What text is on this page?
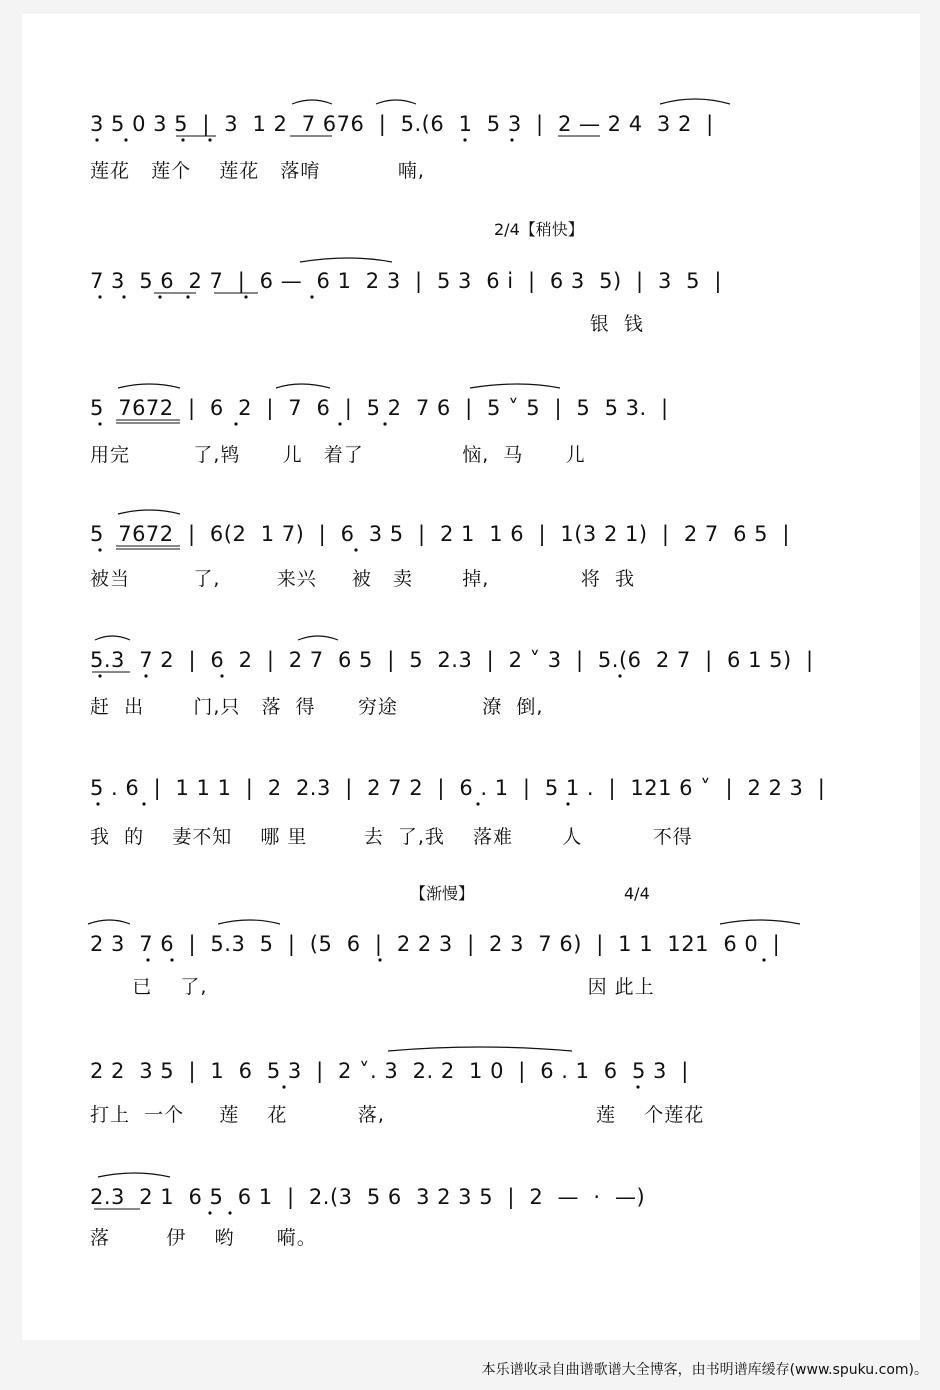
3 5 0 3 5  |  3  1 2  7 676  |  5.(6  1  5 3  |  2 — 2 4  3 2  |
莲花   莲个    莲花   落唷           喃,
2/4【稍快】
7 3  5 6  2 7  |  6 —  6 1  2 3  |  5 3  6 i  |  6 3  5)  |  3  5  |
银  钱
5  7672  |  6  2  |  7  6  |  5 2  7 6  |  5 ˅ 5  |  5  5 3.  |
用完         了,鸨      儿   着了              恼,  马      儿
5  7672  |  6(2  1 7)  |  6  3 5  |  2 1  1 6  |  1(3 2 1)  |  2 7  6 5  |
被当         了,        来兴     被   卖       掉,             将  我
5.3  7 2  |  6  2  |  2 7  6 5  |  5  2.3  |  2 ˅ 3  |  5.(6  2 7  |  6 1 5)  |
赶  出       门,只   落  得      穷途            潦  倒,
5 . 6  |  1 1 1  |  2  2.3  |  2 7 2  |  6 . 1  |  5 1 .  |  121 6 ˅  |  2 2 3  |
我  的    妻不知    哪 里        去  了,我    落难       人          不得
【渐慢】	4/4
2 3  7 6  |  5.3  5  |  (5  6  |  2 2 3  |  2 3  7 6)  |  1 1  121  6 0  |
已    了,                                                      因 此上
2 2  3 5  |  1  6  5 3  |  2 ˅. 3  2. 2  1 0  |  6 . 1  6  5 3  |
打上  一个     莲    花          落,                              莲    个莲花
2.3  2 1  6 5  6 1  |  2.(3  5 6  3 2 3 5  |  2  —  ·  —)
落        伊    哟      嗬。
本乐谱收录自曲谱歌谱大全博客，由书明谱库缓存(www.spuku.com)。
